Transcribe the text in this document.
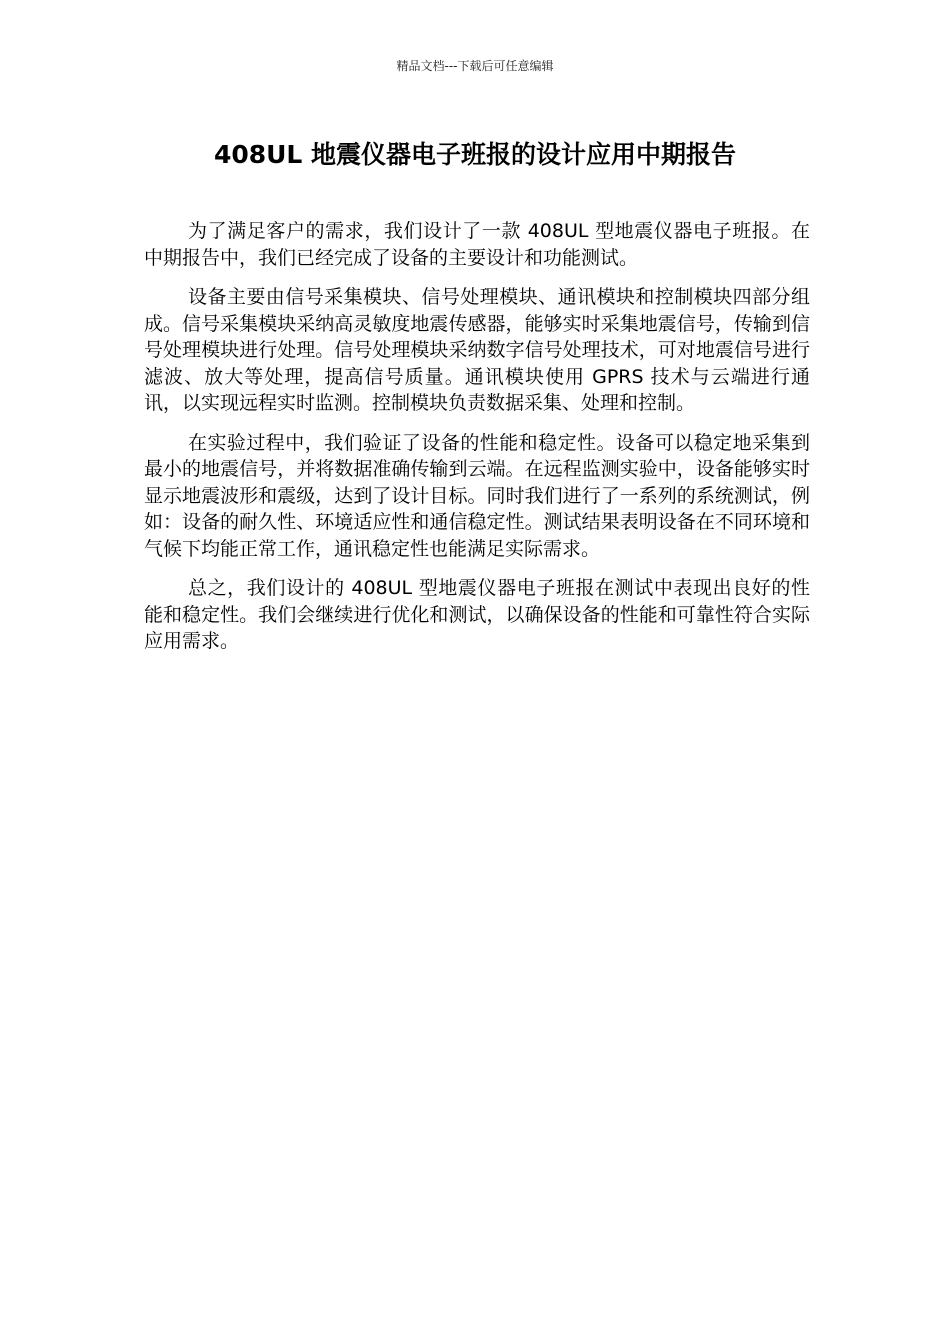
精品文档---下载后可任意编辑
408UL 地震仪器电子班报的设计应用中期报告

为了满足客户的需求，我们设计了一款 408UL 型地震仪器电子班报。在中期报告中，我们已经完成了设备的主要设计和功能测试。

设备主要由信号采集模块、信号处理模块、通讯模块和控制模块四部分组成。信号采集模块采纳高灵敏度地震传感器，能够实时采集地震信号，传输到信号处理模块进行处理。信号处理模块采纳数字信号处理技术，可对地震信号进行滤波、放大等处理，提高信号质量。通讯模块使用 GPRS 技术与云端进行通讯，以实现远程实时监测。控制模块负责数据采集、处理和控制。

在实验过程中，我们验证了设备的性能和稳定性。设备可以稳定地采集到最小的地震信号，并将数据准确传输到云端。在远程监测实验中，设备能够实时显示地震波形和震级，达到了设计目标。同时我们进行了一系列的系统测试，例如：设备的耐久性、环境适应性和通信稳定性。测试结果表明设备在不同环境和气候下均能正常工作，通讯稳定性也能满足实际需求。

总之，我们设计的 408UL 型地震仪器电子班报在测试中表现出良好的性能和稳定性。我们会继续进行优化和测试，以确保设备的性能和可靠性符合实际应用需求。
